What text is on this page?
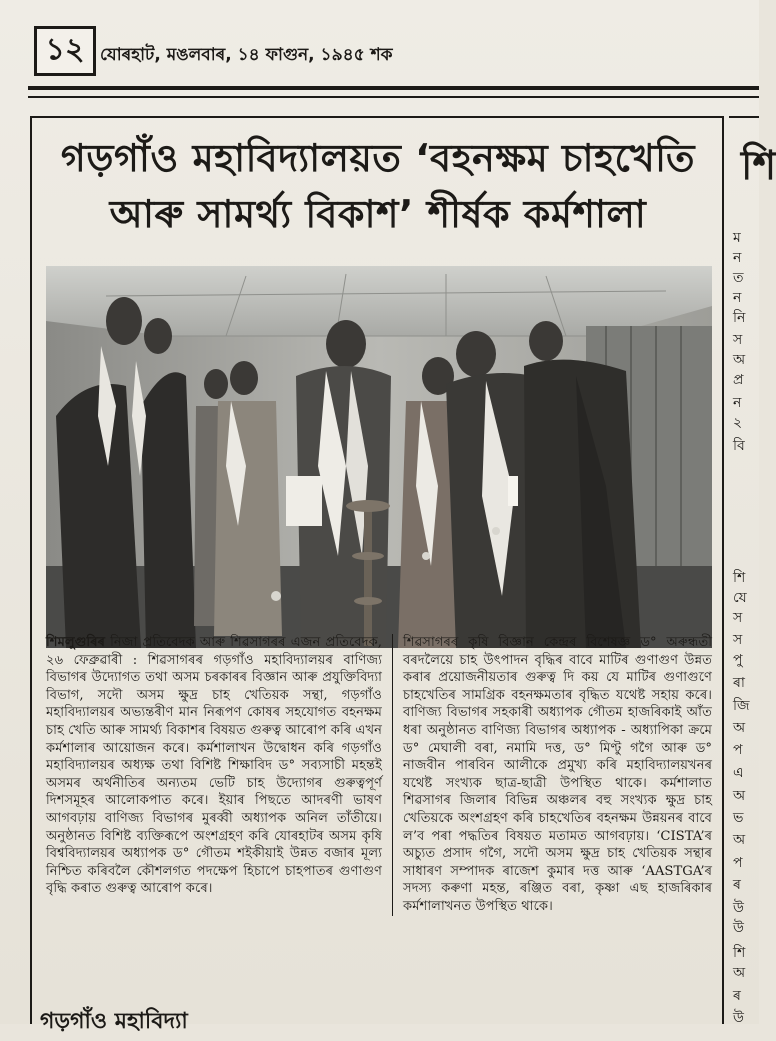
১২ যোৰহাট, মঙলবাৰ, ১৪ ফাগুন, ১৯৪৫ শক
গড়গাঁও মহাবিদ্যালয়ত ‘বহনক্ষম চাহখেতি
আৰু সামৰ্থ্য বিকাশ’ শীৰ্ষক কৰ্মশালা
শিমলুগুৰিৰ নিজা প্ৰতিবেদক আৰু শিৱসাগৰৰ এজন প্ৰতিবেদক, ২৬ ফেব্ৰুৱাৰী : শিৱসাগৰৰ গড়গাঁও মহাবিদ্যালয়ৰ বাণিজ্য বিভাগৰ উদ্যোগত তথা অসম চৰকাৰৰ বিজ্ঞান আৰু প্ৰযুক্তিবিদ্যা বিভাগ, সদৌ অসম ক্ষুদ্ৰ চাহ খেতিয়ক সন্থা, গড়গাঁও মহাবিদ্যালয়ৰ অভ্যন্তৰীণ মান নিৰূপণ কোষৰ সহযোগত বহনক্ষম চাহ খেতি আৰু সামৰ্থ্য বিকাশৰ বিষয়ত গুৰুত্ব আৰোপ কৰি এখন কৰ্মশালাৰ আয়োজন কৰে। কৰ্মশালাখন উদ্বোধন কৰি গড়গাঁও মহাবিদ্যালয়ৰ অধ্যক্ষ তথা বিশিষ্ট শিক্ষাবিদ ড° সব্যসাচী মহন্তই অসমৰ অৰ্থনীতিৰ অন্যতম ভেটি চাহ উদ্যোগৰ গুৰুত্বপূৰ্ণ দিশসমূহৰ আলোকপাত কৰে। ইয়াৰ পিছতে আদৰণী ভাষণ আগবঢ়ায় বাণিজ্য বিভাগৰ মুৰব্বী অধ্যাপক অনিল তাঁতীয়ে। অনুষ্ঠানত বিশিষ্ট ব্যক্তিৰূপে অংশগ্ৰহণ কৰি যোৰহাটৰ অসম কৃষি বিশ্ববিদ্যালয়ৰ অধ্যাপক ড° গৌতম শইকীয়াই উন্নত বজাৰ মূল্য নিশ্চিত কৰিবলৈ কৌশলগত পদক্ষেপ হিচাপে চাহপাতৰ গুণাগুণ বৃদ্ধি কৰাত গুৰুত্ব আৰোপ কৰে।
শিৱসাগৰৰ কৃষি বিজ্ঞান কেন্দ্ৰৰ বিশেষজ্ঞ ড° অৰুন্ধতী বৰদলৈয়ে চাহ উৎপাদন বৃদ্ধিৰ বাবে মাটিৰ গুণাগুণ উন্নত কৰাৰ প্ৰয়োজনীয়তাৰ গুৰুত্ব দি কয় যে মাটিৰ গুণাগুণে চাহখেতিৰ সামগ্ৰিক বহনক্ষমতাৰ বৃদ্ধিত যথেষ্ট সহায় কৰে। বাণিজ্য বিভাগৰ সহকাৰী অধ্যাপক গৌতম হাজৰিকাই আঁত ধৰা অনুষ্ঠানত বাণিজ্য বিভাগৰ অধ্যাপক - অধ্যাপিকা ক্ৰমে ড° মেঘালী বৰা, নমামি দত্ত, ড° মিণ্টু গগৈ আৰু ড° নাজবীন পাৰবিন আলীকে প্ৰমুখ্য কৰি মহাবিদ্যালয়খনৰ যথেষ্ট সংখ্যক ছাত্ৰ-ছাত্ৰী উপস্থিত থাকে। কৰ্মশালাত শিৱসাগৰ জিলাৰ বিভিন্ন অঞ্চলৰ বহু সংখ্যক ক্ষুদ্ৰ চাহ খেতিয়কে অংশগ্ৰহণ কৰি চাহখেতিৰ বহনক্ষম উন্নয়নৰ বাবে ল’ব পৰা পদ্ধতিৰ বিষয়ত মতামত আগবঢ়ায়। ‘CISTA’ৰ অচ্যুত প্ৰসাদ গগৈ, সদৌ অসম ক্ষুদ্ৰ চাহ খেতিয়ক সন্থাৰ সাধাৰণ সম্পাদক ৰাজেশ কুমাৰ দত্ত আৰু ‘AASTGA’ৰ সদস্য কৰুণা মহন্ত, ৰঞ্জিত বৰা, কৃষ্ণা এছ হাজৰিকাৰ কৰ্মশালাখনত উপস্থিত থাকে।
শি
ম
ন
ত
ন
নি
স
অ
প্ৰ
ন
২
বি
শি
যে
স
স
পু
ৰা
জি
অ
প
এ
অ
ভ
অ
প
ৰ
উ
উ
শি
অ
ৰ
উ
গড়গাঁও মহাবিদ্যা
